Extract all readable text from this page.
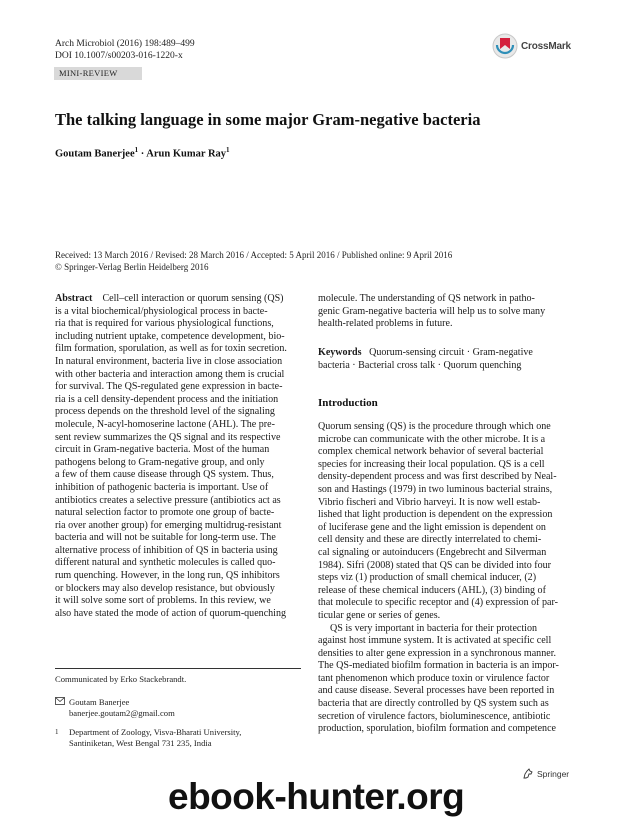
Arch Microbiol (2016) 198:489–499
DOI 10.1007/s00203-016-1220-x
CrossMark
MINI-REVIEW
The talking language in some major Gram-negative bacteria
Goutam Banerjee$^1$ · Arun Kumar Ray$^1$
Received: 13 March 2016 / Revised: 28 March 2016 / Accepted: 5 April 2016 / Published online: 9 April 2016
© Springer-Verlag Berlin Heidelberg 2016
Abstract Cell–cell interaction or quorum sensing (QS)
is a vital biochemical/physiological process in bacte-
ria that is required for various physiological functions,
including nutrient uptake, competence development, bio-
film formation, sporulation, as well as for toxin secretion.
In natural environment, bacteria live in close association
with other bacteria and interaction among them is crucial
for survival. The QS-regulated gene expression in bacte-
ria is a cell density-dependent process and the initiation
process depends on the threshold level of the signaling
molecule, N-acyl-homoserine lactone (AHL). The pre-
sent review summarizes the QS signal and its respective
circuit in Gram-negative bacteria. Most of the human
pathogens belong to Gram-negative group, and only
a few of them cause disease through QS system. Thus,
inhibition of pathogenic bacteria is important. Use of
antibiotics creates a selective pressure (antibiotics act as
natural selection factor to promote one group of bacte-
ria over another group) for emerging multidrug-resistant
bacteria and will not be suitable for long-term use. The
alternative process of inhibition of QS in bacteria using
different natural and synthetic molecules is called quo-
rum quenching. However, in the long run, QS inhibitors
or blockers may also develop resistance, but obviously
it will solve some sort of problems. In this review, we
also have stated the mode of action of quorum-quenching
molecule. The understanding of QS network in patho-
genic Gram-negative bacteria will help us to solve many
health-related problems in future.
Keywords Quorum-sensing circuit · Gram-negative
bacteria · Bacterial cross talk · Quorum quenching
Introduction
Quorum sensing (QS) is the procedure through which one
microbe can communicate with the other microbe. It is a
complex chemical network behavior of several bacterial
species for increasing their local population. QS is a cell
density-dependent process and was first described by Neal-
son and Hastings (1979) in two luminous bacterial strains,
Vibrio fischeri and Vibrio harveyi. It is now well estab-
lished that light production is dependent on the expression
of luciferase gene and the light emission is dependent on
cell density and these are directly interrelated to chemi-
cal signaling or autoinducers (Engebrecht and Silverman
1984). Sifri (2008) stated that QS can be divided into four
steps viz (1) production of small chemical inducer, (2)
release of these chemical inducers (AHL), (3) binding of
that molecule to specific receptor and (4) expression of par-
ticular gene or series of genes.
QS is very important in bacteria for their protection
against host immune system. It is activated at specific cell
densities to alter gene expression in a synchronous manner.
The QS-mediated biofilm formation in bacteria is an impor-
tant phenomenon which produce toxin or virulence factor
and cause disease. Several processes have been reported in
bacteria that are directly controlled by QS system such as
secretion of virulence factors, bioluminescence, antibiotic
production, sporulation, biofilm formation and competence
Communicated by Erko Stackebrandt.
Goutam Banerjee
banerjee.goutam2@gmail.com
1 Department of Zoology, Visva-Bharati University,
Santiniketan, West Bengal 731 235, India
Springer
ebook-hunter.org
